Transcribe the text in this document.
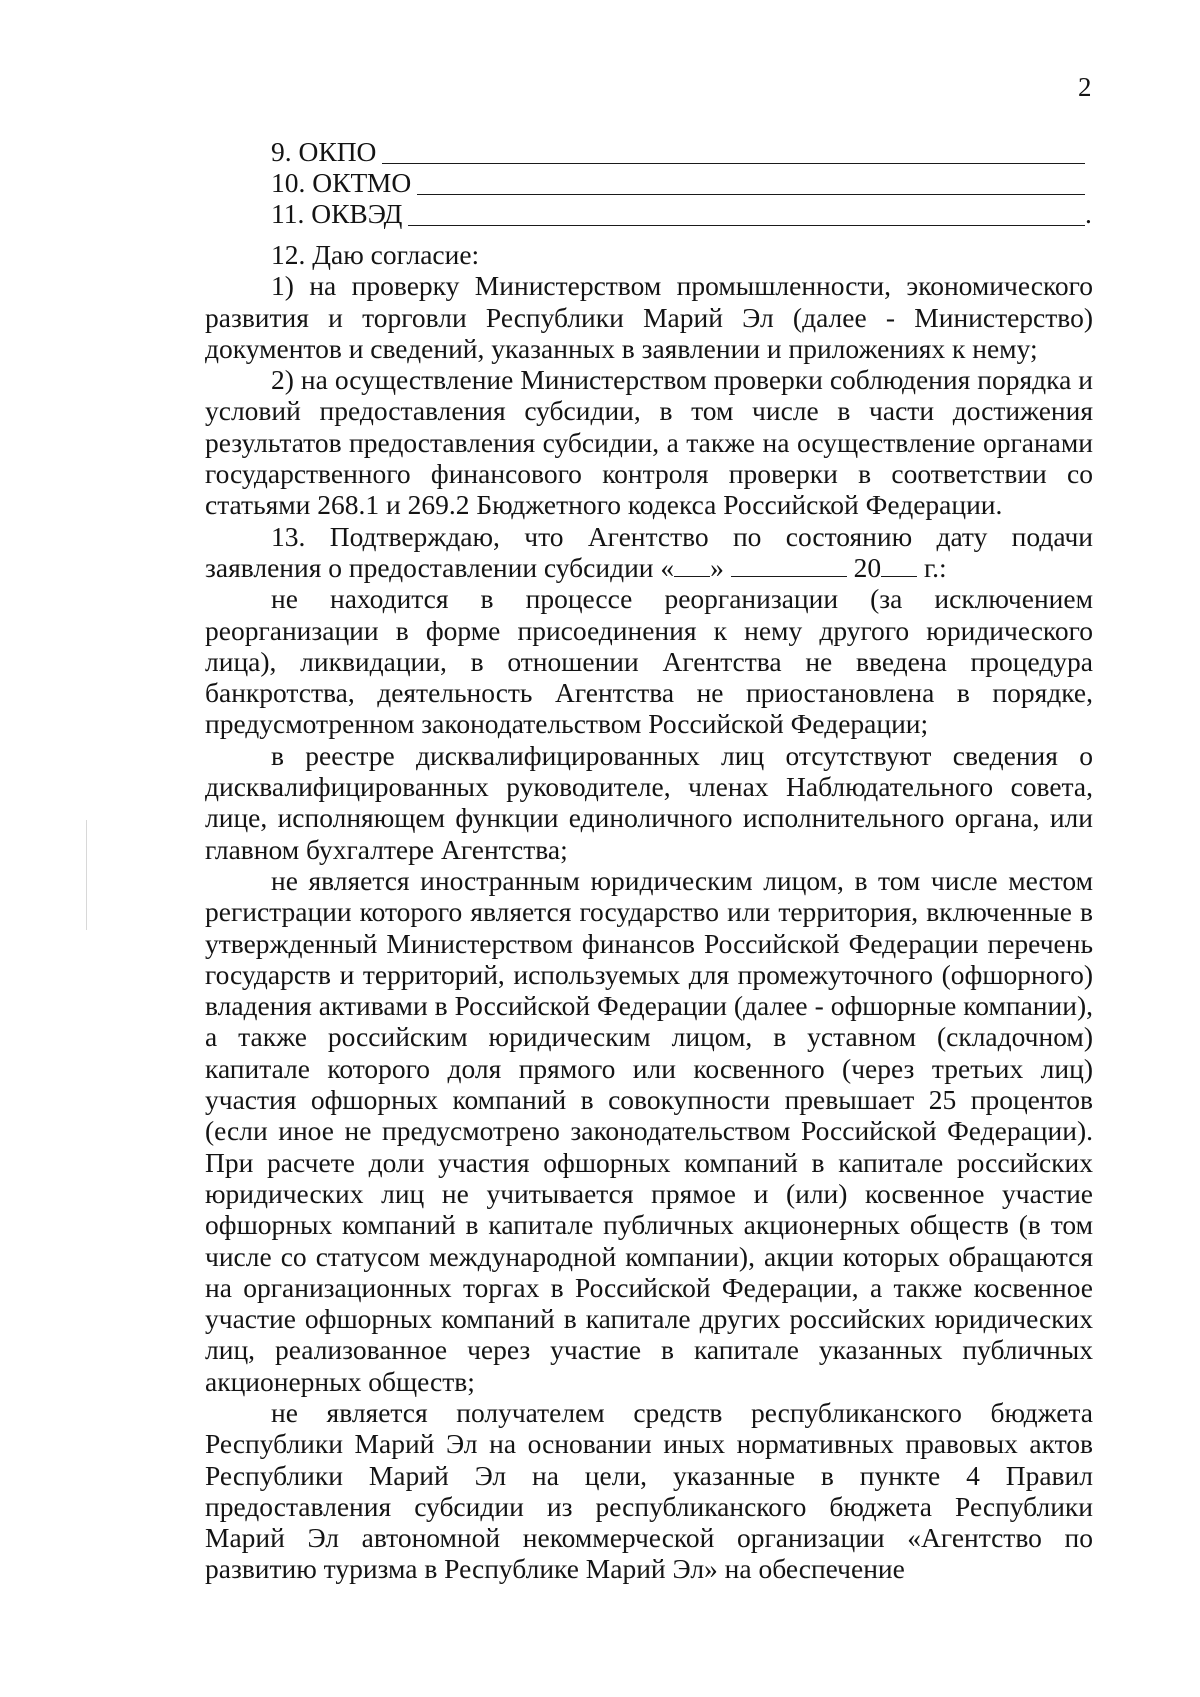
2
9. ОКПО
10. ОКТМО
11. ОКВЭД	.

12. Даю согласие:

1) на проверку Министерством промышленности, экономического развития и торговли Республики Марий Эл (далее - Министерство) документов и сведений, указанных в заявлении и приложениях к нему;

2) на осуществление Министерством проверки соблюдения порядка и условий предоставления субсидии, в том числе в части достижения результатов предоставления субсидии, а также на осуществление органами государственного финансового контроля проверки в соответствии со статьями 268.1 и 269.2 Бюджетного кодекса Российской Федерации.

13. Подтверждаю, что Агентство по состоянию дату подачи заявления о предоставлении субсидии « »	20 г.:

не находится в процессе реорганизации (за исключением реорганизации в форме присоединения к нему другого юридического лица), ликвидации, в отношении Агентства не введена процедура банкротства, деятельность Агентства не приостановлена в порядке, предусмотренном законодательством Российской Федерации;

в реестре дисквалифицированных лиц отсутствуют сведения о дисквалифицированных руководителе, членах Наблюдательного совета, лице, исполняющем функции единоличного исполнительного органа, или главном бухгалтере Агентства;

не является иностранным юридическим лицом, в том числе местом регистрации которого является государство или территория, включенные в утвержденный Министерством финансов Российской Федерации перечень государств и территорий, используемых для промежуточного (офшорного) владения активами в Российской Федерации (далее - офшорные компании), а также российским юридическим лицом, в уставном (складочном) капитале которого доля прямого или косвенного (через третьих лиц) участия офшорных компаний в совокупности превышает 25 процентов (если иное не предусмотрено законодательством Российской Федерации). При расчете доли участия офшорных компаний в капитале российских юридических лиц не учитывается прямое и (или) косвенное участие офшорных компаний в капитале публичных акционерных обществ (в том числе со статусом международной компании), акции которых обращаются на организационных торгах в Российской Федерации, а также косвенное участие офшорных компаний в капитале других российских юридических лиц, реализованное через участие в капитале указанных публичных акционерных обществ;

не является получателем средств республиканского бюджета Республики Марий Эл на основании иных нормативных правовых актов Республики Марий Эл на цели, указанные в пункте 4 Правил предоставления субсидии из республиканского бюджета Республики Марий Эл автономной некоммерческой организации «Агентство по развитию туризма в Республике Марий Эл» на обеспечение
